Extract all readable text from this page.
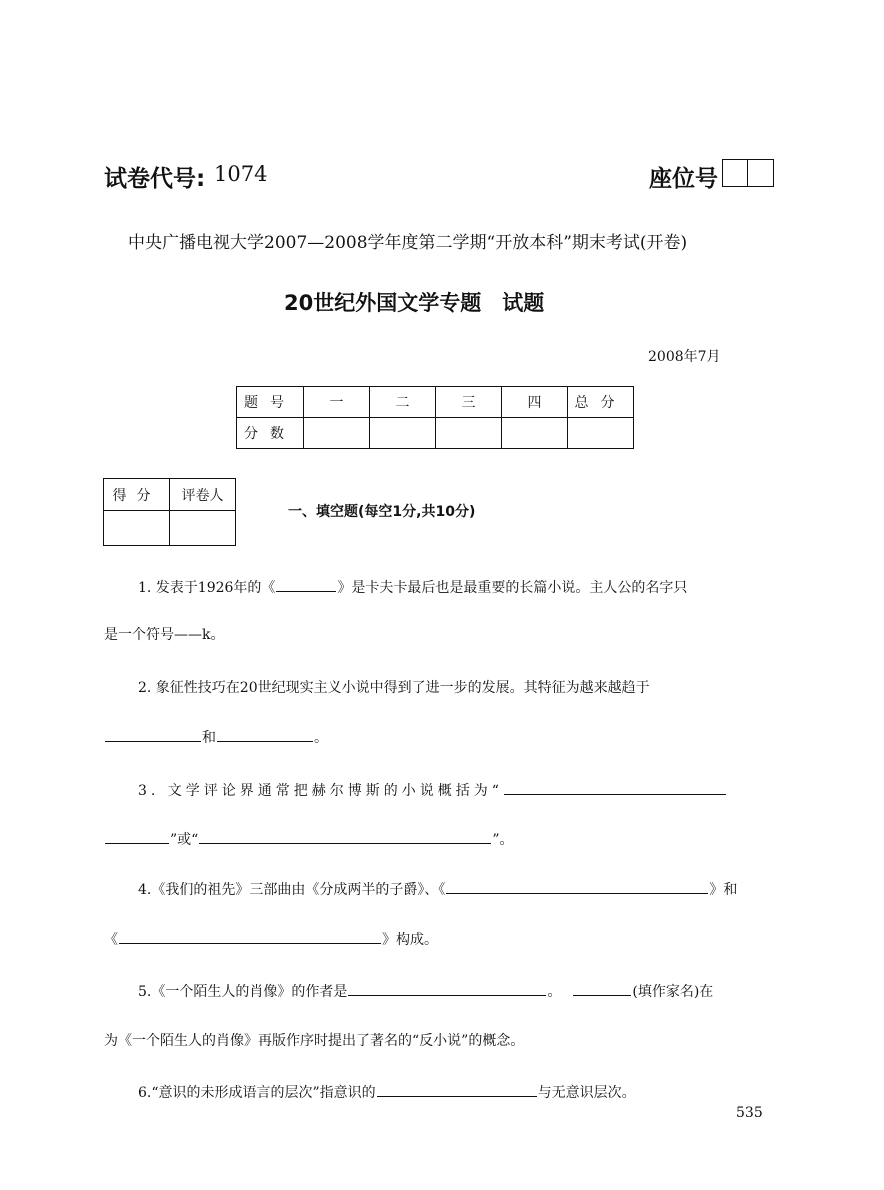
试卷代号: 1074	座位号
中央广播电视大学2007—2008学年度第二学期“开放本科”期末考试(开卷)
20世纪外国文学专题　试题
2008年7月
题号	一	二	三	四	总分
分数					
得分	评卷人

一、填空题(每空1分,共10分)
1. 发表于1926年的《	》是卡夫卡最后也是最重要的长篇小说。主人公的名字只
是一个符号——k。
2. 象征性技巧在20世纪现实主义小说中得到了进一步的发展。其特征为越来越趋于
和	。
3. 文学评论界通常把赫尔博斯的小说概括为“
”或“	”。
4.《我们的祖先》三部曲由《分成两半的子爵》、《	》和
《	》构成。
5.《一个陌生人的肖像》的作者是	。	(填作家名)在
为《一个陌生人的肖像》再版作序时提出了著名的“反小说”的概念。
6.“意识的未形成语言的层次”指意识的	与无意识层次。
535
